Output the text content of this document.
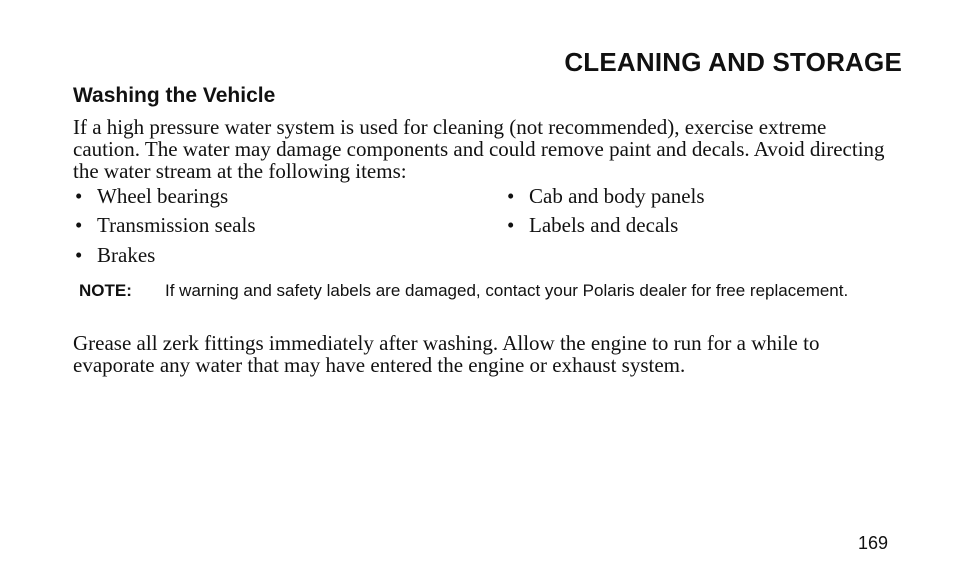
CLEANING AND STORAGE
Washing the Vehicle

If a high pressure water system is used for cleaning (not recommended), exercise extreme caution. The water may damage components and could remove paint and decals. Avoid directing the water stream at the following items:

• Wheel bearings
• Transmission seals
• Brakes
• Cab and body panels
• Labels and decals
NOTE: If warning and safety labels are damaged, contact your Polaris dealer for free replacement.

Grease all zerk fittings immediately after washing. Allow the engine to run for a while to evaporate any water that may have entered the engine or exhaust system.

169
